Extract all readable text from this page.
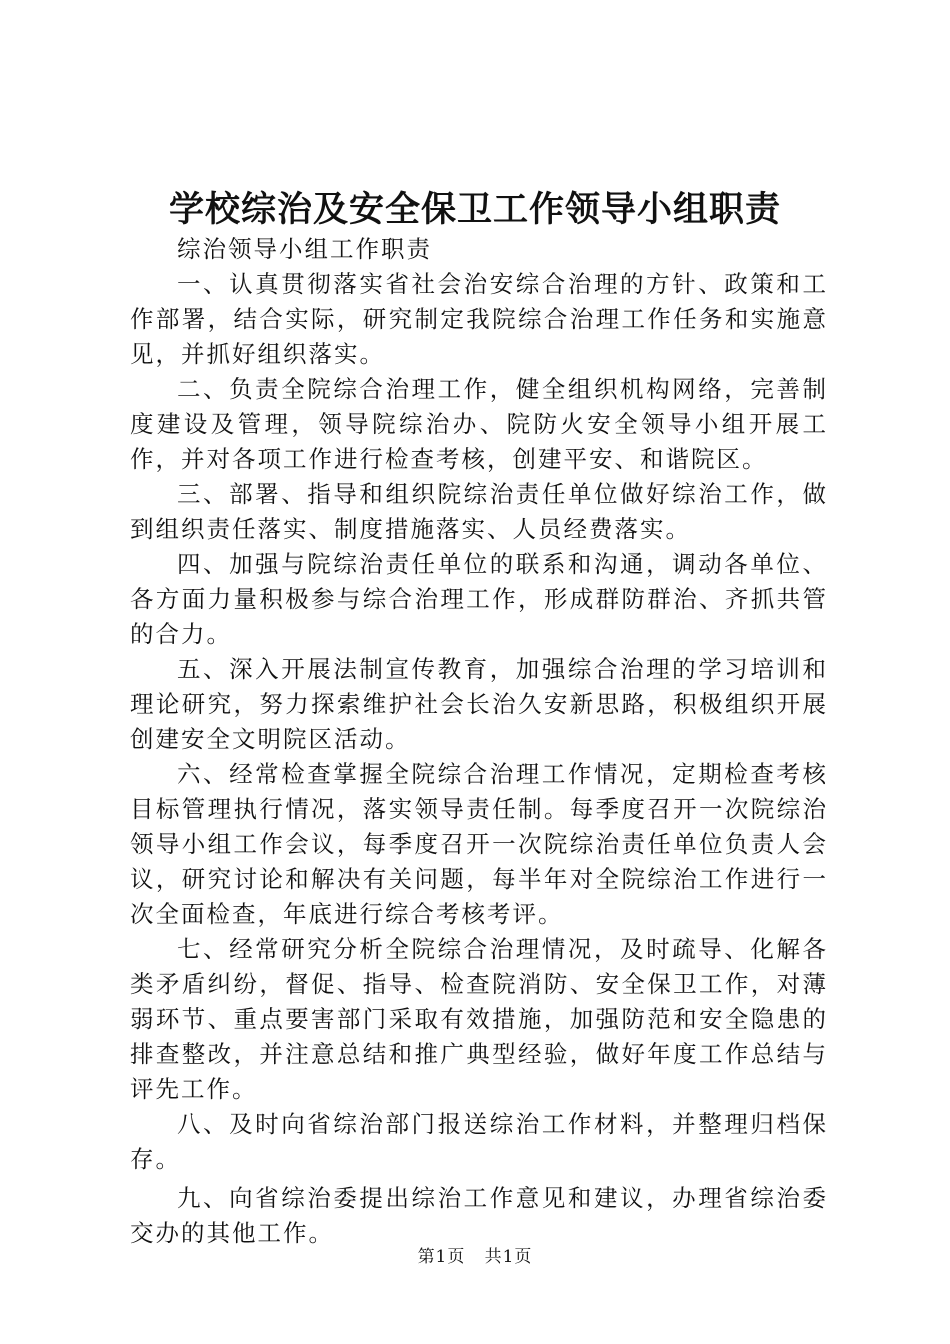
学校综治及安全保卫工作领导小组职责

综治领导小组工作职责

一、认真贯彻落实省社会治安综合治理的方针、政策和工作部署，结合实际，研究制定我院综合治理工作任务和实施意见，并抓好组织落实。

二、负责全院综合治理工作，健全组织机构网络，完善制度建设及管理，领导院综治办、院防火安全领导小组开展工作，并对各项工作进行检查考核，创建平安、和谐院区。

三、部署、指导和组织院综治责任单位做好综治工作，做到组织责任落实、制度措施落实、人员经费落实。

四、加强与院综治责任单位的联系和沟通，调动各单位、各方面力量积极参与综合治理工作，形成群防群治、齐抓共管的合力。

五、深入开展法制宣传教育，加强综合治理的学习培训和理论研究，努力探索维护社会长治久安新思路，积极组织开展创建安全文明院区活动。

六、经常检查掌握全院综合治理工作情况，定期检查考核目标管理执行情况，落实领导责任制。每季度召开一次院综治领导小组工作会议，每季度召开一次院综治责任单位负责人会议，研究讨论和解决有关问题，每半年对全院综治工作进行一次全面检查，年底进行综合考核考评。

七、经常研究分析全院综合治理情况，及时疏导、化解各类矛盾纠纷，督促、指导、检查院消防、安全保卫工作，对薄弱环节、重点要害部门采取有效措施，加强防范和安全隐患的排查整改，并注意总结和推广典型经验，做好年度工作总结与评先工作。

八、及时向省综治部门报送综治工作材料，并整理归档保存。

九、向省综治委提出综治工作意见和建议，办理省综治委交办的其他工作。

第1页 共1页
